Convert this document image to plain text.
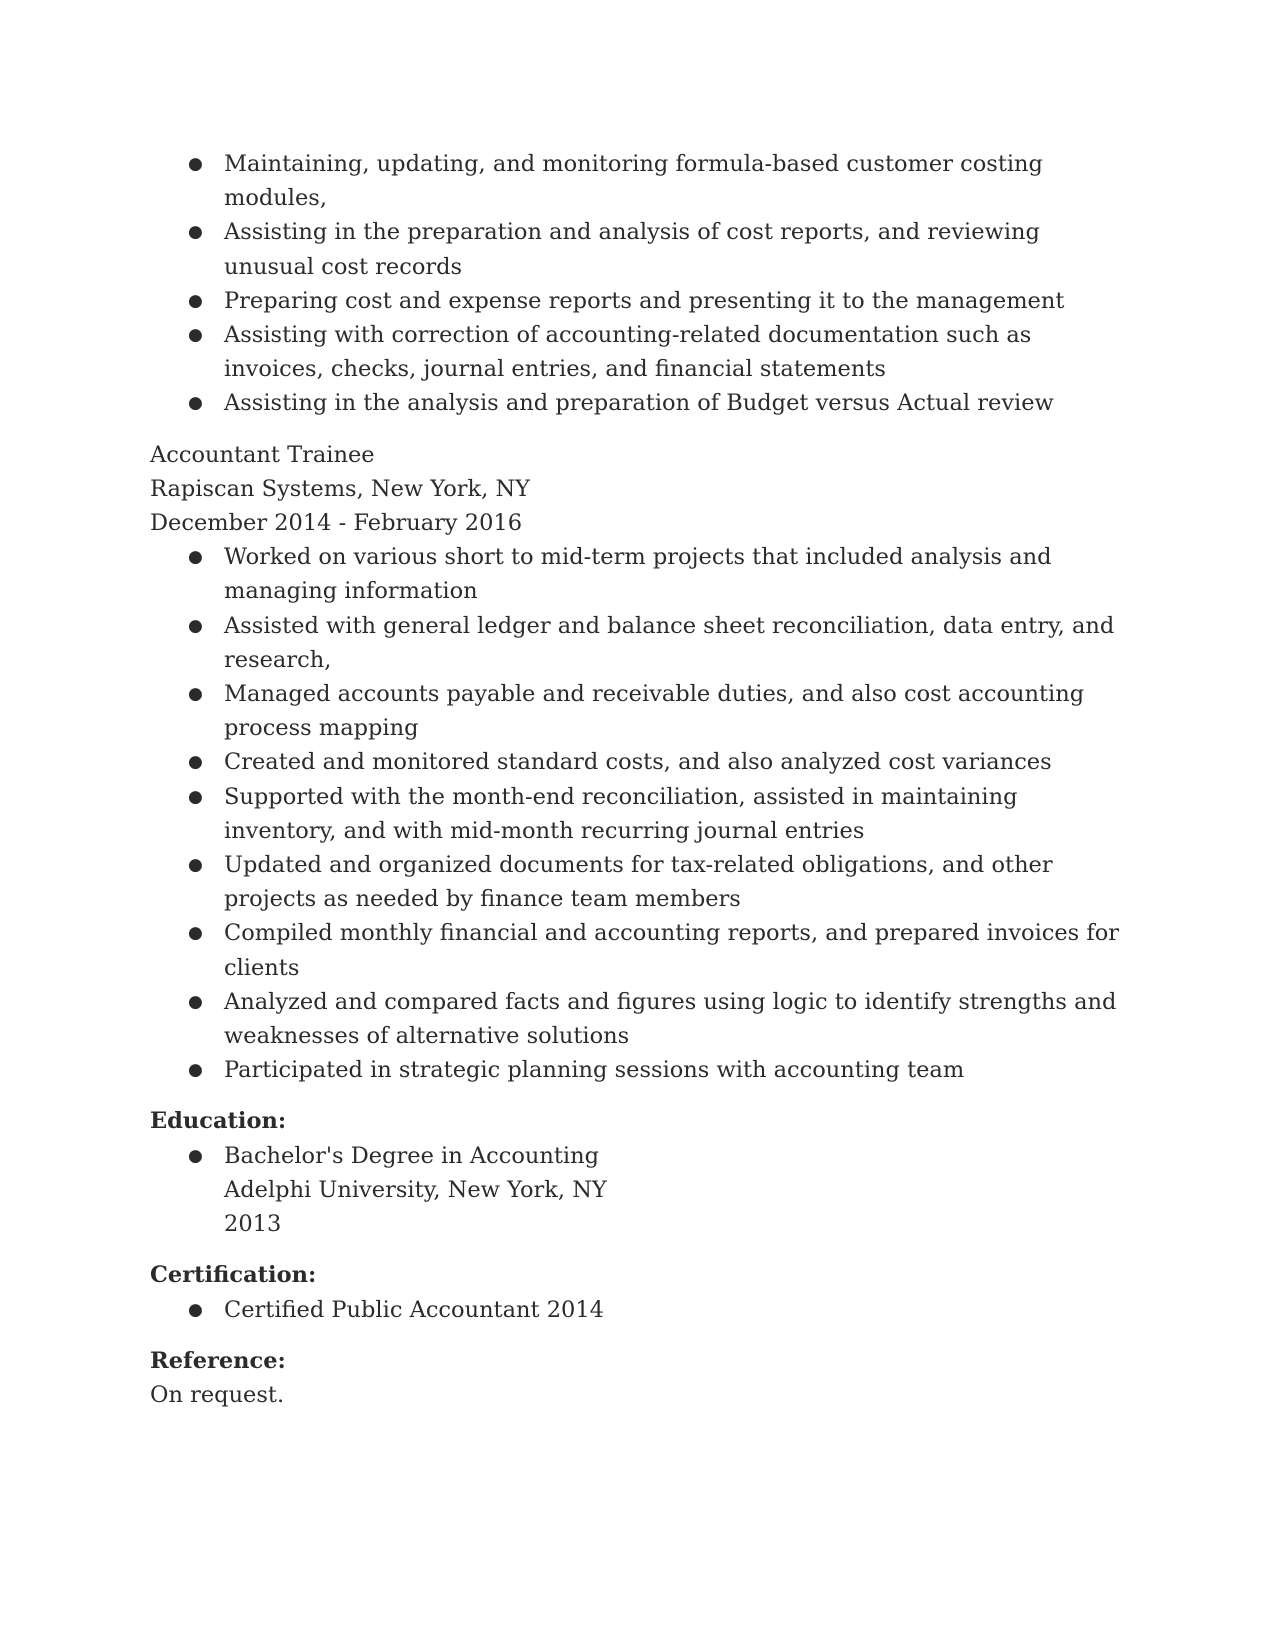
● Maintaining, updating, and monitoring formula-based customer costing modules,
● Assisting in the preparation and analysis of cost reports, and reviewing unusual cost records
● Preparing cost and expense reports and presenting it to the management
● Assisting with correction of accounting-related documentation such as invoices, checks, journal entries, and financial statements
● Assisting in the analysis and preparation of Budget versus Actual review
Accountant Trainee
Rapiscan Systems, New York, NY
December 2014 - February 2016
● Worked on various short to mid-term projects that included analysis and managing information
● Assisted with general ledger and balance sheet reconciliation, data entry, and research,
● Managed accounts payable and receivable duties, and also cost accounting process mapping
● Created and monitored standard costs, and also analyzed cost variances
● Supported with the month-end reconciliation, assisted in maintaining inventory, and with mid-month recurring journal entries
● Updated and organized documents for tax-related obligations, and other projects as needed by finance team members
● Compiled monthly financial and accounting reports, and prepared invoices for clients
● Analyzed and compared facts and figures using logic to identify strengths and weaknesses of alternative solutions
● Participated in strategic planning sessions with accounting team
Education:
● Bachelor's Degree in Accounting
Adelphi University, New York, NY
2013
Certification:
● Certified Public Accountant 2014
Reference:
On request.
